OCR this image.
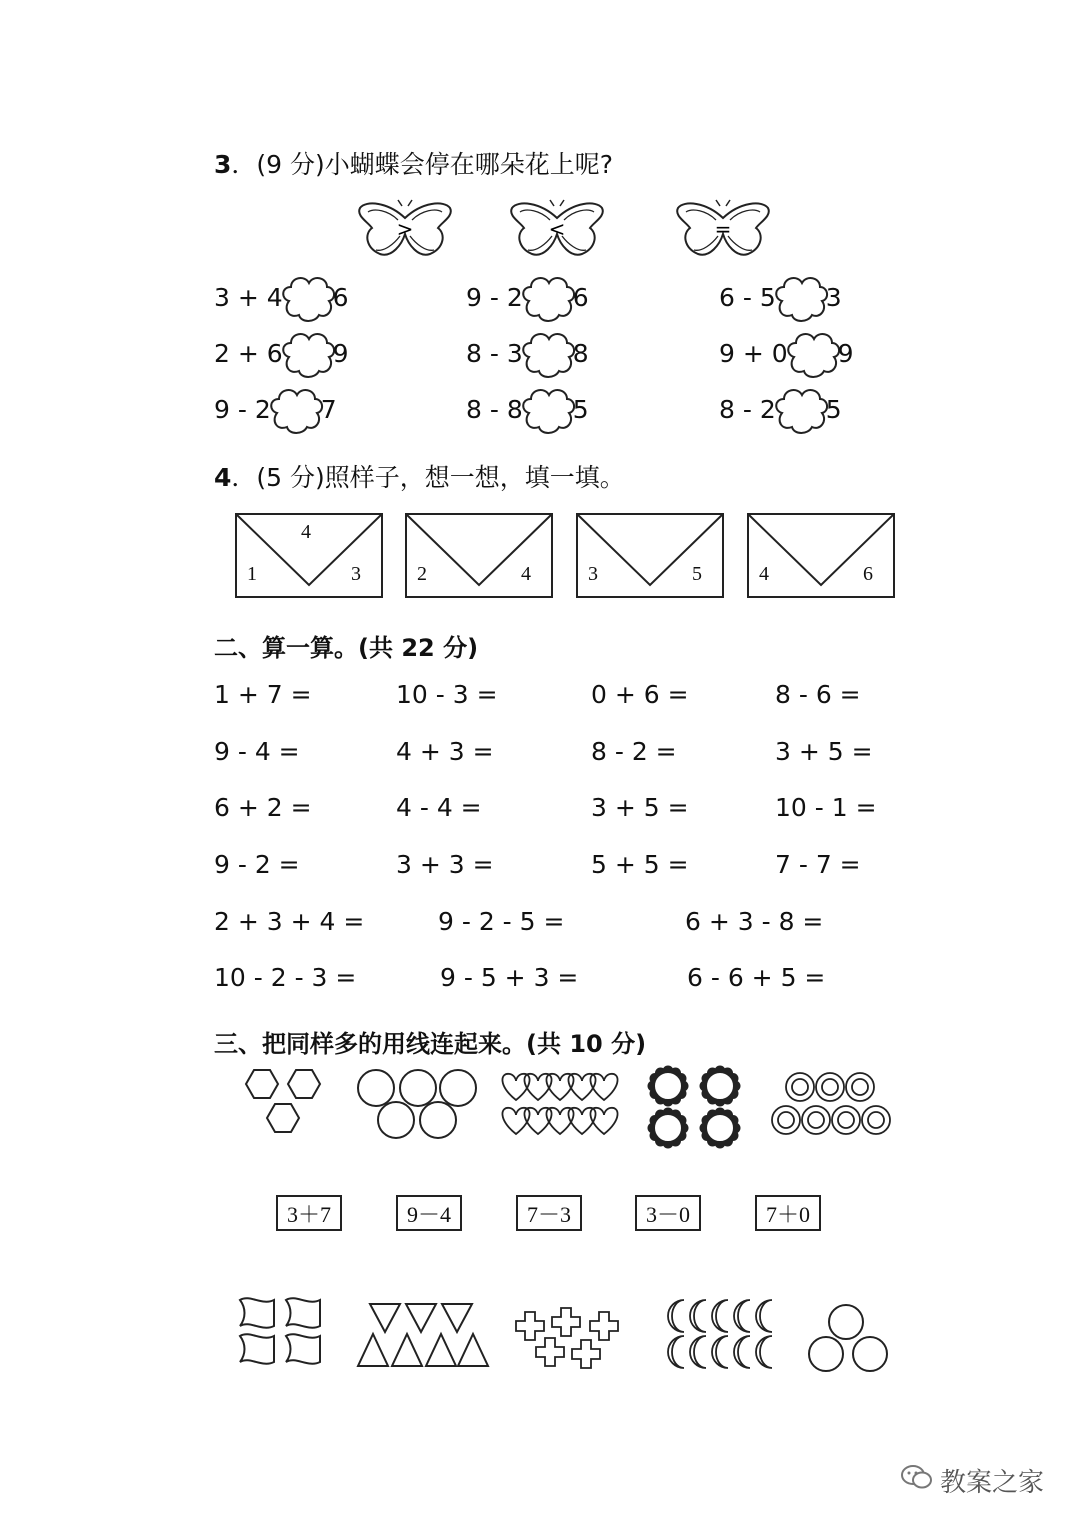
3．(9 分)小蝴蝶会停在哪朵花上呢?
>	<	=
3 + 4 6	9 - 2 6	6 - 5 3
2 + 6 9	8 - 3 8	9 + 0 9
9 - 2 7	8 - 8 5	8 - 2 5
4．(5 分)照样子，想一想，填一填。
4
1	3	2	4	3	5	4	6
二、算一算。(共 22 分)
1 + 7 =	10 - 3 =	0 + 6 =	8 - 6 =
9 - 4 =	4 + 3 =	8 - 2 =	3 + 5 =
6 + 2 =	4 - 4 =	3 + 5 =	10 - 1 =
9 - 2 =	3 + 3 =	5 + 5 =	7 - 7 =
2 + 3 + 4 =	9 - 2 - 5 =	6 + 3 - 8 =
10 - 2 - 3 =	9 - 5 + 3 =	6 - 6 + 5 =
三、把同样多的用线连起来。(共 10 分)
3＋7	9－4	7－3	3－0	7＋0
教案之家
